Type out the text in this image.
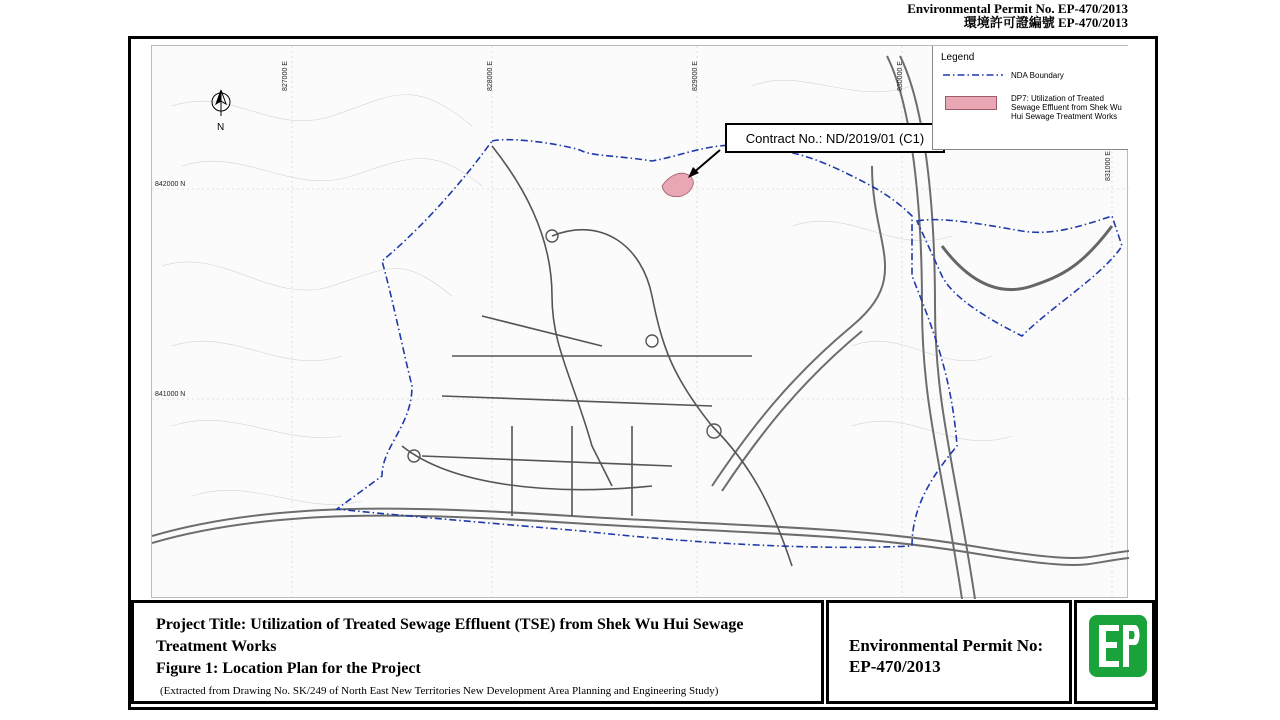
Environmental Permit No. EP-470/2013
環境許可證編號 EP-470/2013
827000 E	828000 E	829000 E	830000 E
831000 E
842000 N
841000 N
N
Contract No.: ND/2019/01 (C1)
Legend
NDA Boundary
DP7: Utilization of Treated Sewage Effluent from Shek Wu Hui Sewage Treatment Works
Project Title: Utilization of Treated Sewage Effluent (TSE) from Shek Wu Hui Sewage Treatment Works
Figure 1: Location Plan for the Project
(Extracted from Drawing No. SK/249 of North East New Territories New Development Area Planning and Engineering Study)
Environmental Permit No:
EP-470/2013
